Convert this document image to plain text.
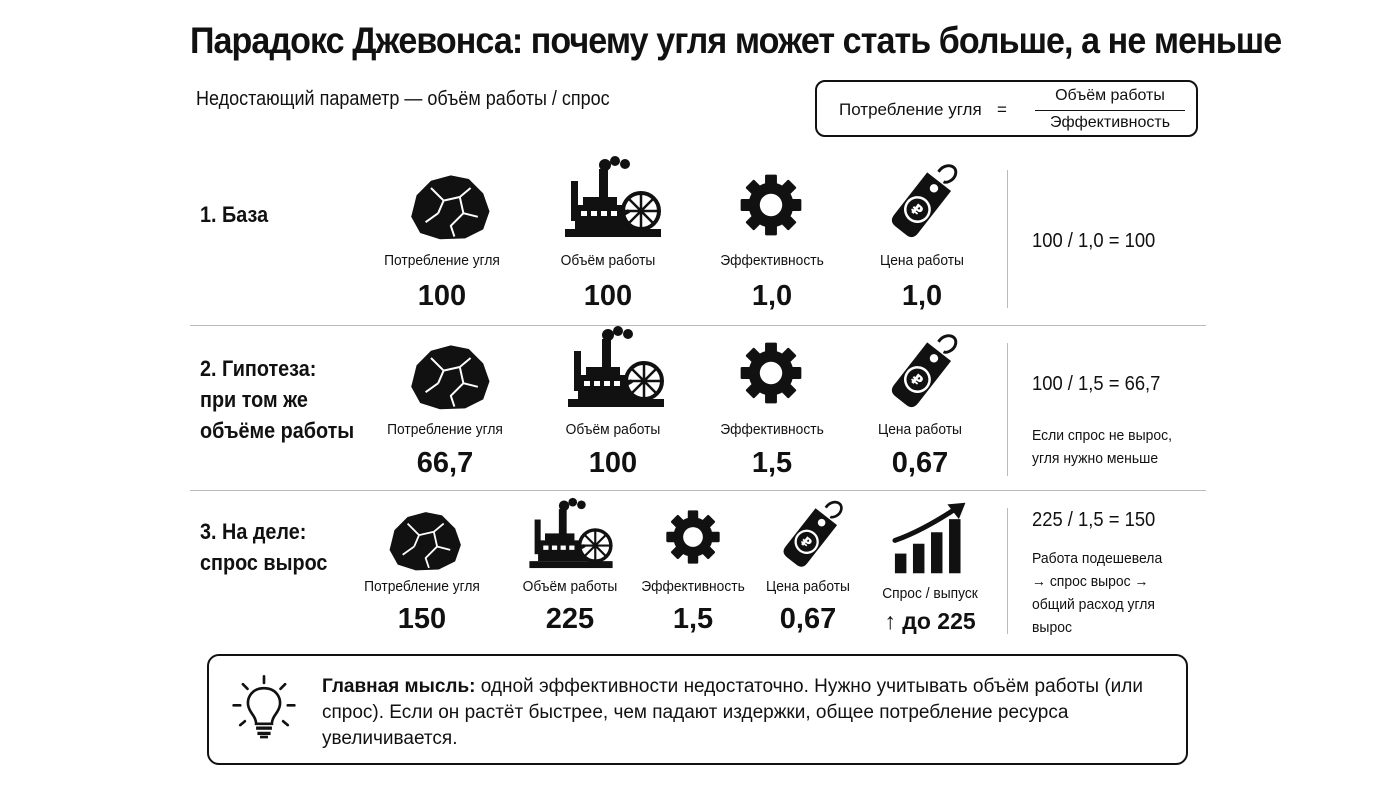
Парадокс Джевонса: почему угля может стать больше, а не меньше
Недостающий параметр — объём работы / спрос	Потребление угля =
Объём работы
Эффективность
1. База
Потребление угля
100
Объём работы
100
Эффективность
1,0
Цена работы
1,0
100 / 1,0 = 100
2. Гипотеза:
при том же
объёме работы	Потребление угля
66,7
Объём работы
100
Эффективность
1,5
Цена работы
0,67
100 / 1,5 = 66,7
Если спрос не вырос,
угля нужно меньше
3. На деле:
спрос вырос
Потребление угля
150
Объём работы
225
Эффективность
1,5
Цена работы
0,67
Спрос / выпуск
↑ до 225
225 / 1,5 = 150
Работа подешевела
→ спрос вырос →
общий расход угля
вырос
Главная мысль: одной эффективности недостаточно. Нужно учитывать объём работы (или спрос). Если он растёт быстрее, чем падают издержки, общее потребление ресурса увеличивается.
